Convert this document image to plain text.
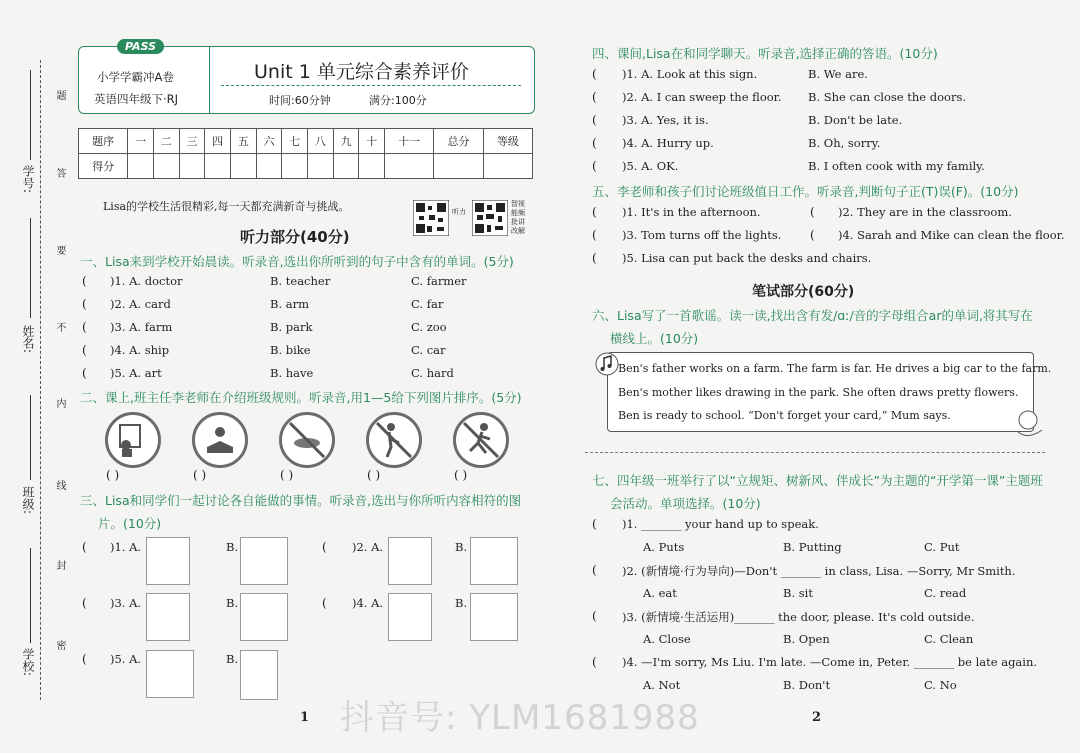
学校:
班级:
姓名:
学号:
题
答
要
不
内
线
封
密
PASS
小学学霸冲A卷
英语四年级下·RJ
Unit 1 单元综合素养评价
时间:60分钟	满分:100分
题序	一	二	三	四	五	六	七	八	九	十	十一	总分	等级
得分													
Lisa的学校生活很精彩,每一天都充满新奇与挑战。	听力
智视
能频
批讲
改解
听力部分(40分)
一、Lisa来到学校开始晨读。听录音,选出你所听到的句子中含有的单词。(5分)
( )1. A. doctor	B. teacher	C. farmer
( )2. A. card	B. arm	C. far
( )3. A. farm	B. park	C. zoo
( )4. A. ship	B. bike	C. car
( )5. A. art	B. have	C. hard
二、课上,班主任李老师在介绍班级规则。听录音,用1—5给下列图片排序。(5分)
( )	( )	( )	( )	( )
三、Lisa和同学们一起讨论各自能做的事情。听录音,选出与你所听内容相符的图
片。(10分)
( )1. A.	B.	( )2. A.	B.
( )3. A.	B.	( )4. A.	B.
( )5. A.	B.
1
四、课间,Lisa在和同学聊天。听录音,选择正确的答语。(10分)
( )1. A. Look at this sign.	B. We are.
( )2. A. I can sweep the floor. B. She can close the doors.
( )3. A. Yes, it is.	B. Don't be late.
( )4. A. Hurry up.	B. Oh, sorry.
( )5. A. OK.	B. I often cook with my family.
五、李老师和孩子们讨论班级值日工作。听录音,判断句子正(T)误(F)。(10分)
( )1. It's in the afternoon.	( )2. They are in the classroom.
( )3. Tom turns off the lights. ( )4. Sarah and Mike can clean the floor.
( )5. Lisa can put back the desks and chairs.
笔试部分(60分)
六、Lisa写了一首歌谣。读一读,找出含有发/ɑː/音的字母组合ar的单词,将其写在
横线上。(10分)
Ben's father works on a farm. The farm is far. He drives a big car to the farm.
Ben's mother likes drawing in the park. She often draws pretty flowers.
Ben is ready to school. “Don't forget your card,” Mum says.
七、四年级一班举行了以“立规矩、树新风、伴成长”为主题的“开学第一课”主题班
会活动。单项选择。(10分)
( )1. _______ your hand up to speak.
A. Puts	B. Putting	C. Put
( )2. (新情境·行为导向)—Don't _______ in class, Lisa. —Sorry, Mr Smith.
A. eat	B. sit	C. read
( )3. (新情境·生活运用)_______ the door, please. It's cold outside.
A. Close	B. Open	C. Clean
( )4. —I'm sorry, Ms Liu. I'm late. —Come in, Peter. _______ be late again.
A. Not	B. Don't	C. No
2
抖音号: YLM1681988
